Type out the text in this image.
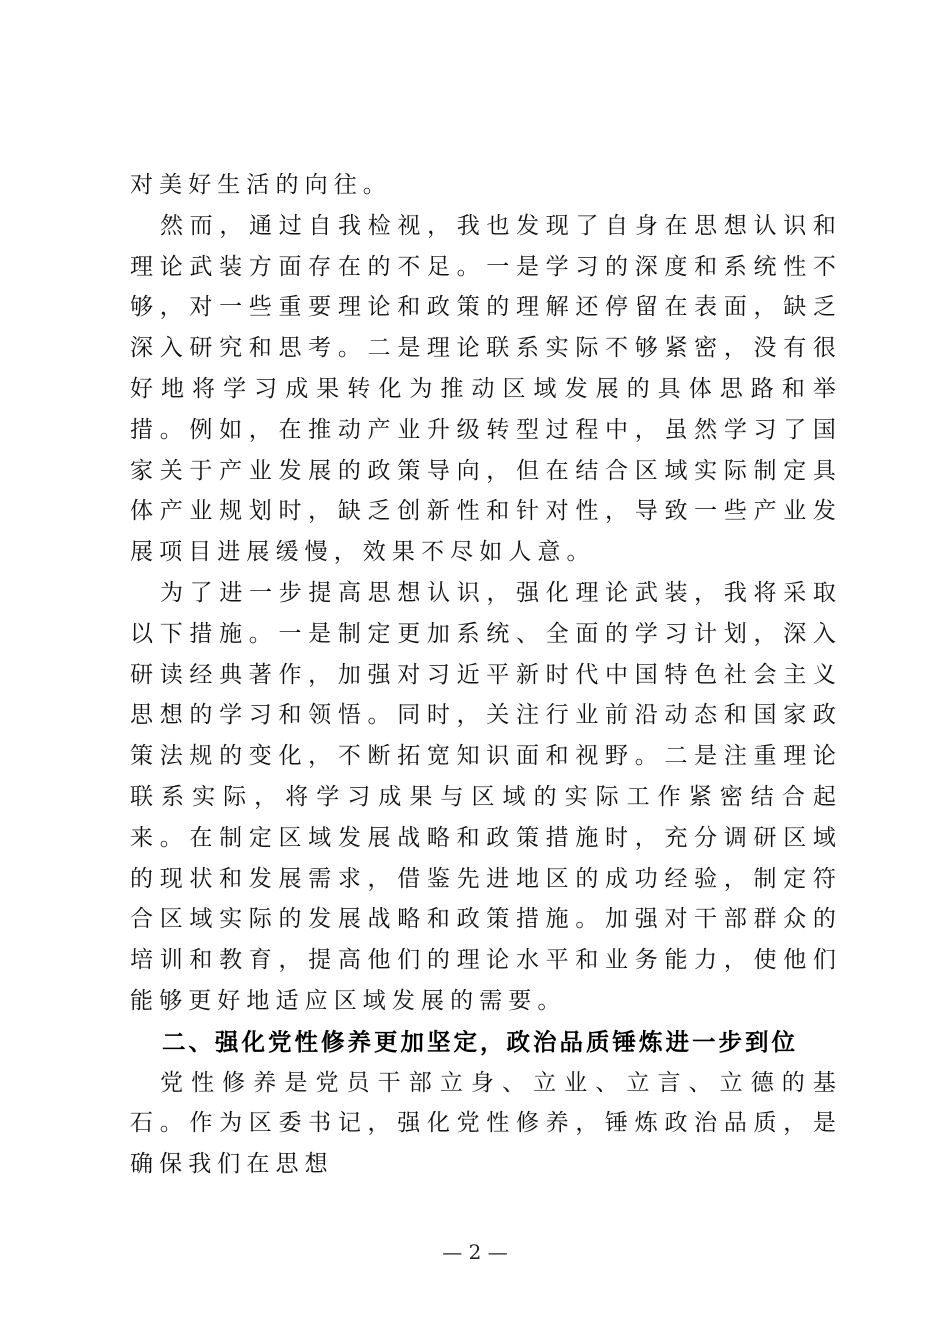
对美好生活的向往。

然而，通过自我检视，我也发现了自身在思想认识和理论武装方面存在的不足。一是学习的深度和系统性不够，对一些重要理论和政策的理解还停留在表面，缺乏深入研究和思考。二是理论联系实际不够紧密，没有很好地将学习成果转化为推动区域发展的具体思路和举措。例如，在推动产业升级转型过程中，虽然学习了国家关于产业发展的政策导向，但在结合区域实际制定具体产业规划时，缺乏创新性和针对性，导致一些产业发展项目进展缓慢，效果不尽如人意。

为了进一步提高思想认识，强化理论武装，我将采取以下措施。一是制定更加系统、全面的学习计划，深入研读经典著作，加强对习近平新时代中国特色社会主义思想的学习和领悟。同时，关注行业前沿动态和国家政策法规的变化，不断拓宽知识面和视野。二是注重理论联系实际，将学习成果与区域的实际工作紧密结合起来。在制定区域发展战略和政策措施时，充分调研区域的现状和发展需求，借鉴先进地区的成功经验，制定符合区域实际的发展战略和政策措施。加强对干部群众的培训和教育，提高他们的理论水平和业务能力，使他们能够更好地适应区域发展的需要。

二、强化党性修养更加坚定，政治品质锤炼进一步到位

党性修养是党员干部立身、立业、立言、立德的基石。作为区委书记，强化党性修养，锤炼政治品质，是确保我们在思想

— 2 —
